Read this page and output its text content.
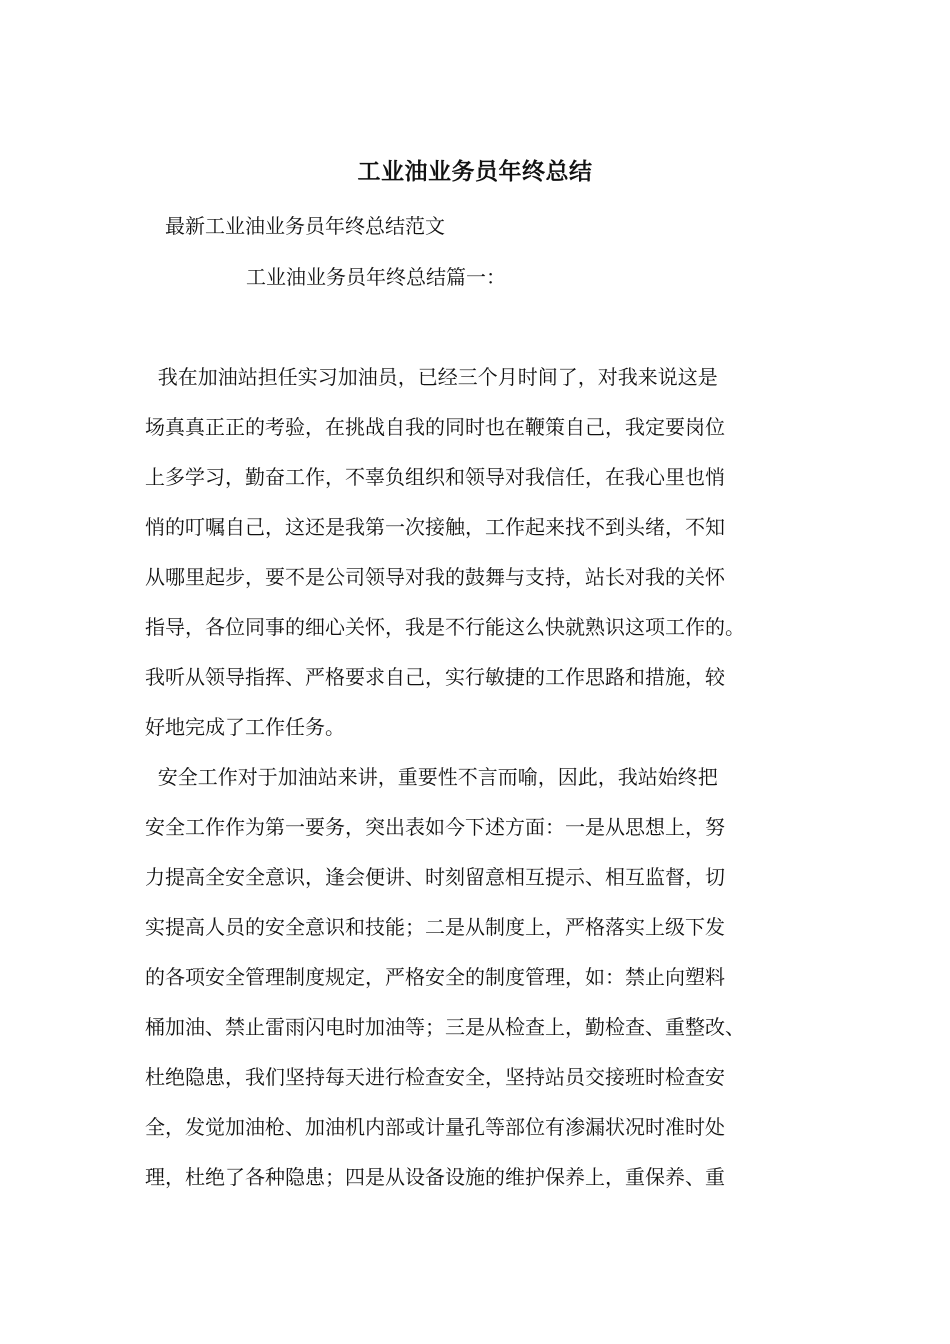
工业油业务员年终总结

最新工业油业务员年终总结范文

工业油业务员年终总结篇一：

我在加油站担任实习加油员，已经三个月时间了，对我来说这是

场真真正正的考验，在挑战自我的同时也在鞭策自己，我定要岗位

上多学习，勤奋工作，不辜负组织和领导对我信任，在我心里也悄

悄的叮嘱自己，这还是我第一次接触，工作起来找不到头绪，不知

从哪里起步，要不是公司领导对我的鼓舞与支持，站长对我的关怀

指导，各位同事的细心关怀，我是不行能这么快就熟识这项工作的。

我听从领导指挥、严格要求自己，实行敏捷的工作思路和措施，较

好地完成了工作任务。

安全工作对于加油站来讲，重要性不言而喻，因此，我站始终把

安全工作作为第一要务，突出表如今下述方面：一是从思想上，努

力提高全安全意识，逢会便讲、时刻留意相互提示、相互监督，切

实提高人员的安全意识和技能；二是从制度上，严格落实上级下发

的各项安全管理制度规定，严格安全的制度管理，如：禁止向塑料

桶加油、禁止雷雨闪电时加油等；三是从检查上，勤检查、重整改、

杜绝隐患，我们坚持每天进行检查安全，坚持站员交接班时检查安

全，发觉加油枪、加油机内部或计量孔等部位有渗漏状况时准时处

理，杜绝了各种隐患；四是从设备设施的维护保养上，重保养、重
